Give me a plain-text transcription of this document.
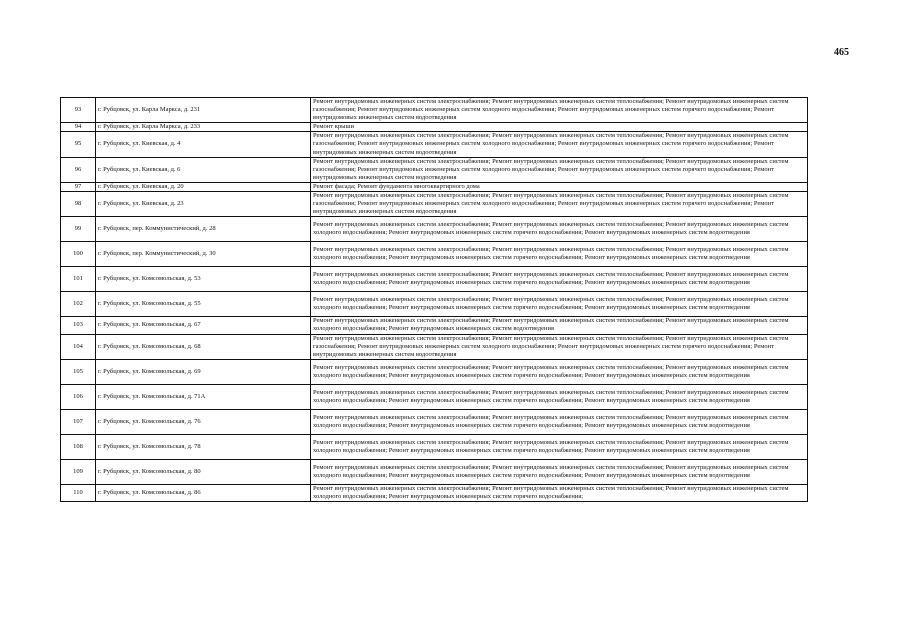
465
93	г. Рубцовск, ул. Карла Маркса, д. 231	Ремонт внутридомовых инженерных систем электроснабжения; Ремонт внутридомовых инженерных систем теплоснабжения; Ремонт внутридомовых инженерных систем газоснабжения; Ремонт внутридомовых инженерных систем холодного водоснабжения; Ремонт внутридомовых инженерных систем горячего водоснабжения; Ремонт внутридомовых инженерных систем водоотведения
94	г. Рубцовск, ул. Карла Маркса, д. 233	Ремонт крыши
95	г. Рубцовск, ул. Киевская, д. 4	Ремонт внутридомовых инженерных систем электроснабжения; Ремонт внутридомовых инженерных систем теплоснабжения; Ремонт внутридомовых инженерных систем газоснабжения; Ремонт внутридомовых инженерных систем холодного водоснабжения; Ремонт внутридомовых инженерных систем горячего водоснабжения; Ремонт внутридомовых инженерных систем водоотведения
96	г. Рубцовск, ул. Киевская, д. 6	Ремонт внутридомовых инженерных систем электроснабжения; Ремонт внутридомовых инженерных систем теплоснабжения; Ремонт внутридомовых инженерных систем газоснабжения; Ремонт внутридомовых инженерных систем холодного водоснабжения; Ремонт внутридомовых инженерных систем горячего водоснабжения; Ремонт внутридомовых инженерных систем водоотведения
97	г. Рубцовск, ул. Киевская, д. 20	Ремонт фасада; Ремонт фундамента многоквартирного дома
98	г. Рубцовск, ул. Киевская, д. 23	Ремонт внутридомовых инженерных систем электроснабжения; Ремонт внутридомовых инженерных систем теплоснабжения; Ремонт внутридомовых инженерных систем газоснабжения; Ремонт внутридомовых инженерных систем холодного водоснабжения; Ремонт внутридомовых инженерных систем горячего водоснабжения; Ремонт внутридомовых инженерных систем водоотведения
99	г. Рубцовск, пер. Коммунистический, д. 28	Ремонт внутридомовых инженерных систем электроснабжения; Ремонт внутридомовых инженерных систем теплоснабжения; Ремонт внутридомовых инженерных систем холодного водоснабжения; Ремонт внутридомовых инженерных систем горячего водоснабжения; Ремонт внутридомовых инженерных систем водоотведения
100	г. Рубцовск, пер. Коммунистический, д. 30	Ремонт внутридомовых инженерных систем электроснабжения; Ремонт внутридомовых инженерных систем теплоснабжения; Ремонт внутридомовых инженерных систем холодного водоснабжения; Ремонт внутридомовых инженерных систем горячего водоснабжения; Ремонт внутридомовых инженерных систем водоотведения
101	г. Рубцовск, ул. Комсомольская, д. 53	Ремонт внутридомовых инженерных систем электроснабжения; Ремонт внутридомовых инженерных систем теплоснабжения; Ремонт внутридомовых инженерных систем холодного водоснабжения; Ремонт внутридомовых инженерных систем горячего водоснабжения; Ремонт внутридомовых инженерных систем водоотведения
102	г. Рубцовск, ул. Комсомольская, д. 55	Ремонт внутридомовых инженерных систем электроснабжения; Ремонт внутридомовых инженерных систем теплоснабжения; Ремонт внутридомовых инженерных систем холодного водоснабжения; Ремонт внутридомовых инженерных систем горячего водоснабжения; Ремонт внутридомовых инженерных систем водоотведения
103	г. Рубцовск, ул. Комсомольская, д. 67	Ремонт внутридомовых инженерных систем электроснабжения; Ремонт внутридомовых инженерных систем теплоснабжения; Ремонт внутридомовых инженерных систем холодного водоснабжения; Ремонт внутридомовых инженерных систем водоотведения
104	г. Рубцовск, ул. Комсомольская, д. 68	Ремонт внутридомовых инженерных систем электроснабжения; Ремонт внутридомовых инженерных систем теплоснабжения; Ремонт внутридомовых инженерных систем газоснабжения; Ремонт внутридомовых инженерных систем холодного водоснабжения; Ремонт внутридомовых инженерных систем горячего водоснабжения; Ремонт внутридомовых инженерных систем водоотведения
105	г. Рубцовск, ул. Комсомольская, д. 69	Ремонт внутридомовых инженерных систем электроснабжения; Ремонт внутридомовых инженерных систем теплоснабжения; Ремонт внутридомовых инженерных систем холодного водоснабжения; Ремонт внутридомовых инженерных систем горячего водоснабжения; Ремонт внутридомовых инженерных систем водоотведения
106	г. Рубцовск, ул. Комсомольская, д. 71А	Ремонт внутридомовых инженерных систем электроснабжения; Ремонт внутридомовых инженерных систем теплоснабжения; Ремонт внутридомовых инженерных систем холодного водоснабжения; Ремонт внутридомовых инженерных систем горячего водоснабжения; Ремонт внутридомовых инженерных систем водоотведения
107	г. Рубцовск, ул. Комсомольская, д. 76	Ремонт внутридомовых инженерных систем электроснабжения; Ремонт внутридомовых инженерных систем теплоснабжения; Ремонт внутридомовых инженерных систем холодного водоснабжения; Ремонт внутридомовых инженерных систем горячего водоснабжения; Ремонт внутридомовых инженерных систем водоотведения
108	г. Рубцовск, ул. Комсомольская, д. 78	Ремонт внутридомовых инженерных систем электроснабжения; Ремонт внутридомовых инженерных систем теплоснабжения; Ремонт внутридомовых инженерных систем холодного водоснабжения; Ремонт внутридомовых инженерных систем горячего водоснабжения; Ремонт внутридомовых инженерных систем водоотведения
109	г. Рубцовск, ул. Комсомольская, д. 80	Ремонт внутридомовых инженерных систем электроснабжения; Ремонт внутридомовых инженерных систем теплоснабжения; Ремонт внутридомовых инженерных систем холодного водоснабжения; Ремонт внутридомовых инженерных систем горячего водоснабжения; Ремонт внутридомовых инженерных систем водоотведения
110	г. Рубцовск, ул. Комсомольская, д. 86	Ремонт внутридомовых инженерных систем электроснабжения; Ремонт внутридомовых инженерных систем теплоснабжения; Ремонт внутридомовых инженерных систем холодного водоснабжения; Ремонт внутридомовых инженерных систем горячего водоснабжения;
